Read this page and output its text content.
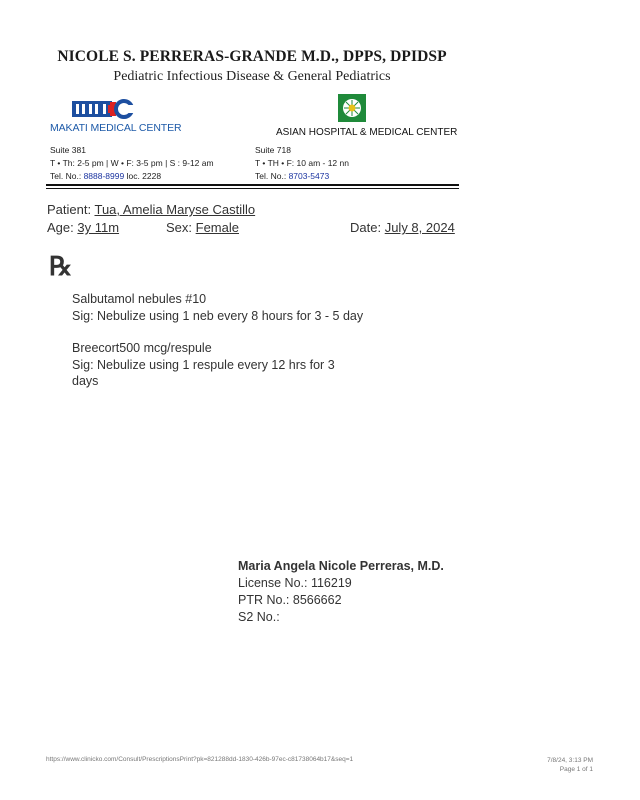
NICOLE S. PERRERAS-GRANDE M.D., DPPS, DPIDSP
Pediatric Infectious Disease & General Pediatrics
MAKATI MEDICAL CENTER	ASIAN HOSPITAL & MEDICAL CENTER
Suite 381
T • Th: 2-5 pm | W • F: 3-5 pm | S : 9-12 am
Tel. No.: 8888-8999 loc. 2228
Suite 718
T • TH • F: 10 am - 12 nn
Tel. No.: 8703-5473
Patient: Tua, Amelia Maryse Castillo
Age: 3y 11m	Sex: Female	Date: July 8, 2024
℞
Salbutamol nebules #10
Sig: Nebulize using 1 neb every 8 hours for 3 - 5 day
Breecort500 mcg/respule
Sig: Nebulize using 1 respule every 12 hrs for 3
days
Maria Angela Nicole Perreras, M.D.
License No.: 116219
PTR No.: 8566662
S2 No.:
https://www.clinicko.com/Consult/PrescriptionsPrint?pk=821288dd-1830-426b-97ec-c81738064b17&seq=1	7/8/24, 3:13 PM
Page 1 of 1
